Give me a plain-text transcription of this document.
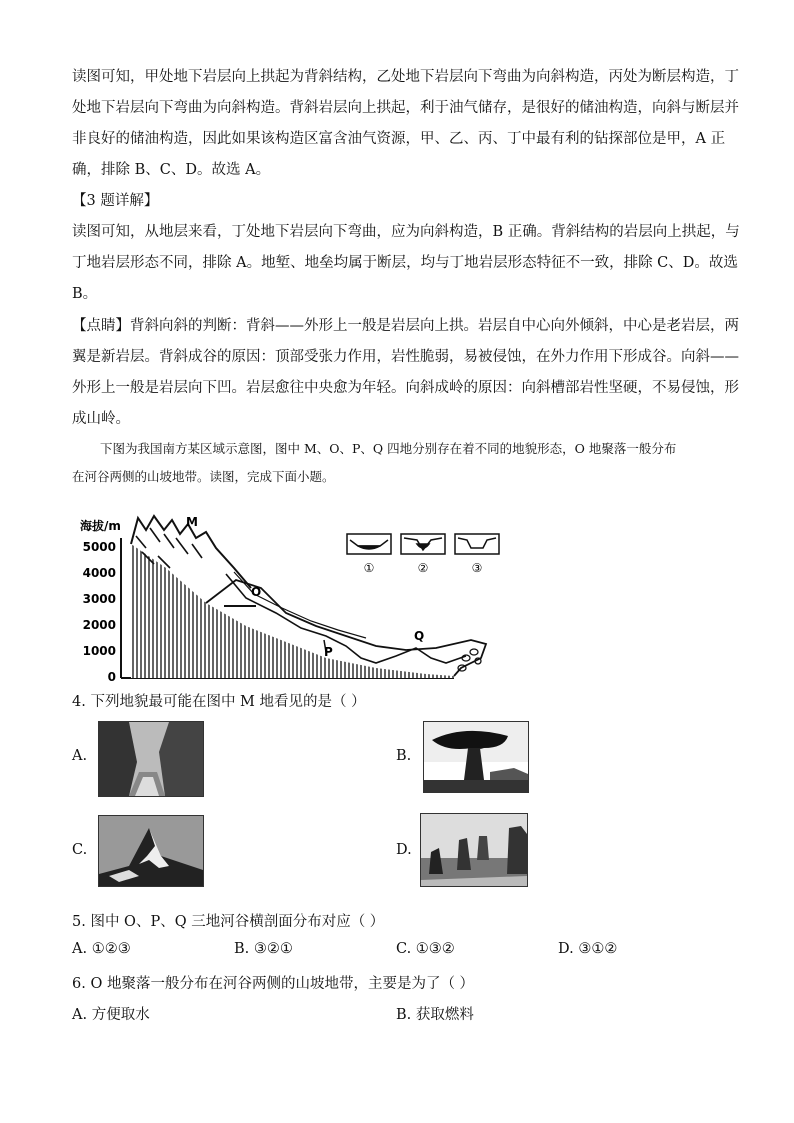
读图可知，甲处地下岩层向上拱起为背斜结构，乙处地下岩层向下弯曲为向斜构造，丙处为断层构造，丁
处地下岩层向下弯曲为向斜构造。背斜岩层向上拱起，利于油气储存，是很好的储油构造，向斜与断层并
非良好的储油构造，因此如果该构造区富含油气资源，甲、乙、丙、丁中最有利的钻探部位是甲，A 正
确，排除 B、C、D。故选 A。
【3 题详解】
读图可知，从地层来看，丁处地下岩层向下弯曲，应为向斜构造，B 正确。背斜结构的岩层向上拱起，与
丁地岩层形态不同，排除 A。地堑、地垒均属于断层，均与丁地岩层形态特征不一致，排除 C、D。故选
B。
【点睛】背斜向斜的判断：背斜——外形上一般是岩层向上拱。岩层自中心向外倾斜，中心是老岩层，两
翼是新岩层。背斜成谷的原因：顶部受张力作用，岩性脆弱，易被侵蚀，在外力作用下形成谷。向斜——
外形上一般是岩层向下凹。岩层愈往中央愈为年轻。向斜成岭的原因：向斜槽部岩性坚硬，不易侵蚀，形
成山岭。
下图为我国南方某区域示意图，图中 M、O、P、Q 四地分别存在着不同的地貌形态，O 地聚落一般分布
在河谷两侧的山坡地带。读图，完成下面小题。
海拔/m
5000
4000
3000
2000
1000
0
M
O
P
Q
①	②	③
4. 下列地貌最可能在图中 M 地看见的是（ ）
A.	B.
C.	D.
5. 图中 O、P、Q 三地河谷横剖面分布对应（ ）
A. ①②③	B. ③②①	C. ①③②	D. ③①②
6. O 地聚落一般分布在河谷两侧的山坡地带，主要是为了（ ）
A. 方便取水	B. 获取燃料
